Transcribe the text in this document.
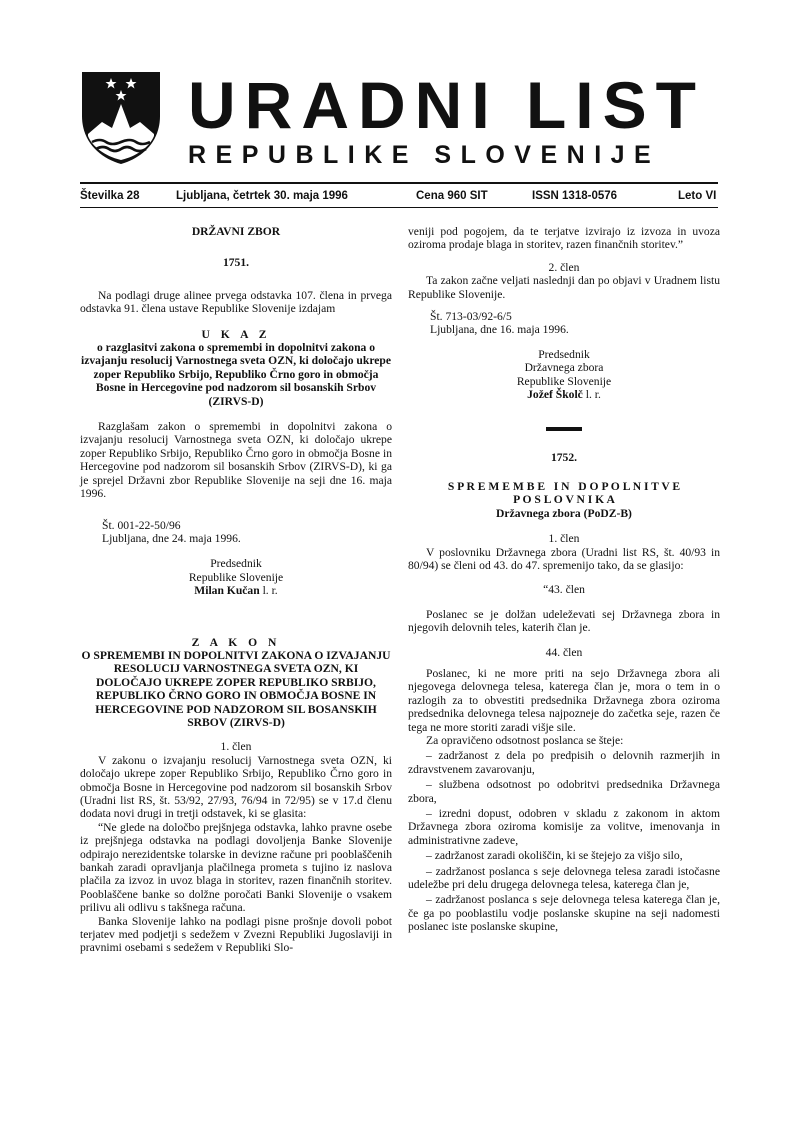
URADNI LIST
REPUBLIKE SLOVENIJE
Številka 28	Ljubljana, četrtek 30. maja 1996	Cena 960 SIT	ISSN 1318-0576	Leto VI

DRŽAVNI ZBOR

1751.

Na podlagi druge alinee prvega odstavka 107. člena in prvega odstavka 91. člena ustave Republike Slovenije izdajam

U K A Z

o razglasitvi zakona o spremembi in dopolnitvi zakona o izvajanju resolucij Varnostnega sveta OZN, ki določajo ukrepe zoper Republiko Srbijo, Republiko Črno goro in območja Bosne in Hercegovine pod nadzorom sil bosanskih Srbov (ZIRVS-D)

Razglašam zakon o spremembi in dopolnitvi zakona o izvajanju resolucij Varnostnega sveta OZN, ki določajo ukrepe zoper Republiko Srbijo, Republiko Črno goro in območja Bosne in Hercegovine pod nadzorom sil bosanskih Srbov (ZIRVS-D), ki ga je sprejel Državni zbor Republike Slovenije na seji dne 16. maja 1996.

Št. 001-22-50/96

Ljubljana, dne 24. maja 1996.

Predsednik

Republike Slovenije

Milan Kučan l. r.

Z A K O N

O SPREMEMBI IN DOPOLNITVI ZAKONA O IZVAJANJU RESOLUCIJ VARNOSTNEGA SVETA OZN, KI DOLOČAJO UKREPE ZOPER REPUBLIKO SRBIJO, REPUBLIKO ČRNO GORO IN OBMOČJA BOSNE IN HERCEGOVINE POD NADZOROM SIL BOSANSKIH SRBOV (ZIRVS-D)

1. člen

V zakonu o izvajanju resolucij Varnostnega sveta OZN, ki določajo ukrepe zoper Republiko Srbijo, Republiko Črno goro in območja Bosne in Hercegovine pod nadzorom sil bosanskih Srbov (Uradni list RS, št. 53/92, 27/93, 76/94 in 72/95) se v 17.d členu dodata novi drugi in tretji odstavek, ki se glasita:

“Ne glede na določbo prejšnjega odstavka, lahko pravne osebe iz prejšnjega odstavka na podlagi dovoljenja Banke Slovenije odpirajo nerezidentske tolarske in devizne račune pri pooblaščenih bankah zaradi opravljanja plačilnega prometa s tujino iz naslova plačila za izvoz in uvoz blaga in storitev, razen finančnih storitev. Pooblaščene banke so dolžne poročati Banki Slovenije o vsakem prilivu ali odlivu s takšnega računa.

Banka Slovenije lahko na podlagi pisne prošnje dovoli pobot terjatev med podjetji s sedežem v Zvezni Republiki Jugoslaviji in pravnimi osebami s sedežem v Republiki Slo-

veniji pod pogojem, da te terjatve izvirajo iz izvoza in uvoza oziroma prodaje blaga in storitev, razen finančnih storitev.”

2. člen

Ta zakon začne veljati naslednji dan po objavi v Uradnem listu Republike Slovenije.

Št. 713-03/92-6/5

Ljubljana, dne 16. maja 1996.

Predsednik

Državnega zbora

Republike Slovenije

Jožef Školč l. r.

1752.

S P R E M E M B E   I N   D O P O L N I T V E

P O S L O V N I K A

Državnega zbora (PoDZ-B)

1. člen

V poslovniku Državnega zbora (Uradni list RS, št. 40/93 in 80/94) se členi od 43. do 47. spremenijo tako, da se glasijo:

“43. člen

Poslanec se je dolžan udeleževati sej Državnega zbora in njegovih delovnih teles, katerih član je.

44. člen

Poslanec, ki ne more priti na sejo Državnega zbora ali njegovega delovnega telesa, katerega član je, mora o tem in o razlogih za to obvestiti predsednika Državnega zbora oziroma predsednika delovnega telesa najpozneje do začetka seje, razen če tega ne more storiti zaradi višje sile.

Za opravičeno odsotnost poslanca se šteje:

– zadržanost z dela po predpisih o delovnih razmerjih in zdravstvenem zavarovanju,

– službena odsotnost po odobritvi predsednika Državnega zbora,

– izredni dopust, odobren v skladu z zakonom in aktom Državnega zbora oziroma komisije za volitve, imenovanja in administrativne zadeve,

– zadržanost zaradi okoliščin, ki se štejejo za višjo silo,

– zadržanost poslanca s seje delovnega telesa zaradi istočasne udeležbe pri delu drugega delovnega telesa, katerega član je,

– zadržanost poslanca s seje delovnega telesa katerega član je, če ga po pooblastilu vodje poslanske skupine na seji nadomesti poslanec iste poslanske skupine,
